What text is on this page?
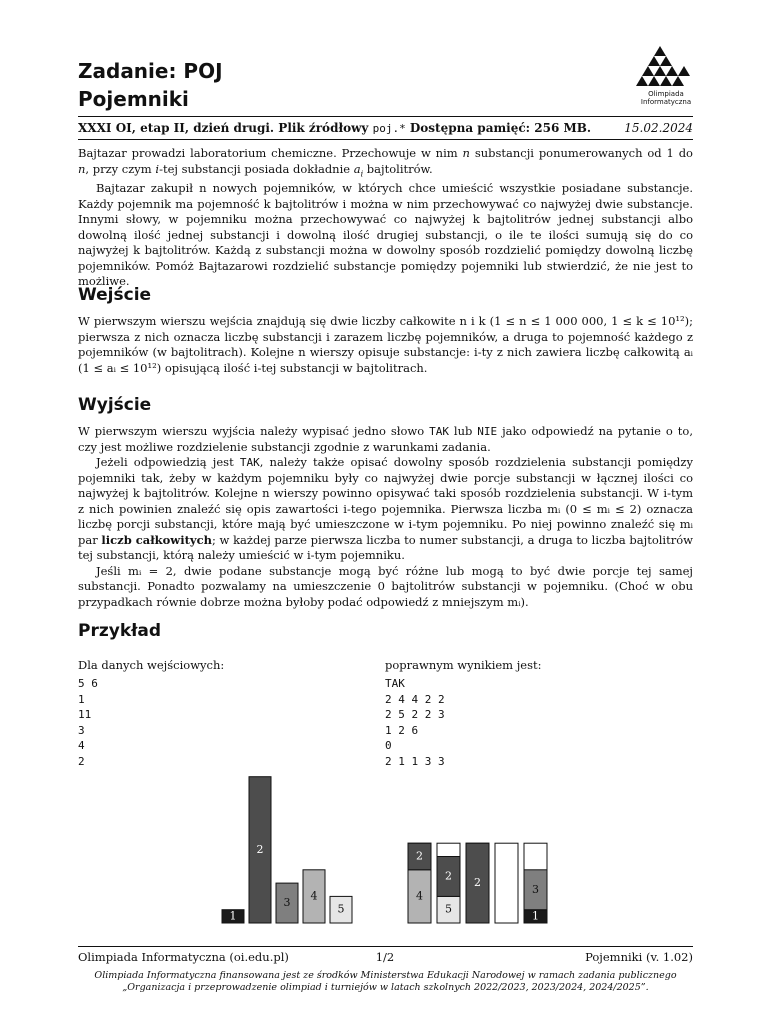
Zadanie: POJ
Pojemniki	Olimpiada
Informatyczna
XXXI OI, etap II, dzień drugi. Plik źródłowy poj.* Dostępna pamięć: 256 MB.	15.02.2024

Bajtazar prowadzi laboratorium chemiczne. Przechowuje w nim n substancji ponumerowanych od 1 do n, przy czym i-tej substancji posiada dokładnie $a_i$ bajtolitrów.

Bajtazar zakupił n nowych pojemników, w których chce umieścić wszystkie posiadane substancje. Każdy pojemnik ma pojemność k bajtolitrów i można w nim przechowywać co najwyżej dwie substancje. Innymi słowy, w pojemniku można przechowywać co najwyżej k bajtolitrów jednej substancji albo dowolną ilość jednej substancji i dowolną ilość drugiej substancji, o ile te ilości sumują się do co najwyżej k bajtolitrów. Każdą z substancji można w dowolny sposób rozdzielić pomiędzy dowolną liczbę pojemników. Pomóż Bajtazarowi rozdzielić substancje pomiędzy pojemniki lub stwierdzić, że nie jest to możliwe.

Wejście

W pierwszym wierszu wejścia znajdują się dwie liczby całkowite n i k (1 ≤ n ≤ 1 000 000, 1 ≤ k ≤ 10¹²); pierwsza z nich oznacza liczbę substancji i zarazem liczbę pojemników, a druga to pojemność każdego z pojemników (w bajtolitrach). Kolejne n wierszy opisuje substancje: i-ty z nich zawiera liczbę całkowitą aᵢ (1 ≤ aᵢ ≤ 10¹²) opisującą ilość i-tej substancji w bajtolitrach.

Wyjście

W pierwszym wierszu wyjścia należy wypisać jedno słowo TAK lub NIE jako odpowiedź na pytanie o to, czy jest możliwe rozdzielenie substancji zgodnie z warunkami zadania.

Jeżeli odpowiedzią jest TAK, należy także opisać dowolny sposób rozdzielenia substancji pomiędzy pojemniki tak, żeby w każdym pojemniku były co najwyżej dwie porcje substancji w łącznej ilości co najwyżej k bajtolitrów. Kolejne n wierszy powinno opisywać taki sposób rozdzielenia substancji. W i-tym z nich powinien znaleźć się opis zawartości i-tego pojemnika. Pierwsza liczba mᵢ (0 ≤ mᵢ ≤ 2) oznacza liczbę porcji substancji, które mają być umieszczone w i-tym pojemniku. Po niej powinno znaleźć się mᵢ par liczb całkowitych; w każdej parze pierwsza liczba to numer substancji, a druga to liczba bajtolitrów tej substancji, którą należy umieścić w i-tym pojemniku.

Jeśli mᵢ = 2, dwie podane substancje mogą być różne lub mogą to być dwie porcje tej samej substancji. Ponadto pozwalamy na umieszczenie 0 bajtolitrów substancji w pojemniku. (Choć w obu przypadkach równie dobrze można byłoby podać odpowiedź z mniejszym mᵢ).

Przykład
Dla danych wejściowych:
5 6
1
11
3
4
2
poprawnym wynikiem jest:
TAK
2 4 4 2 2
2 5 2 2 3
1 2 6
0
2 1 1 3 3
1
2
3
4
5
4
2
5
2
2
1
3
Olimpiada Informatyczna (oi.edu.pl)	1/2	Pojemniki (v. 1.02)
Olimpiada Informatyczna finansowana jest ze środków Ministerstwa Edukacji Narodowej w ramach zadania publicznego
„Organizacja i przeprowadzenie olimpiad i turniejów w latach szkolnych 2022/2023, 2023/2024, 2024/2025”.
